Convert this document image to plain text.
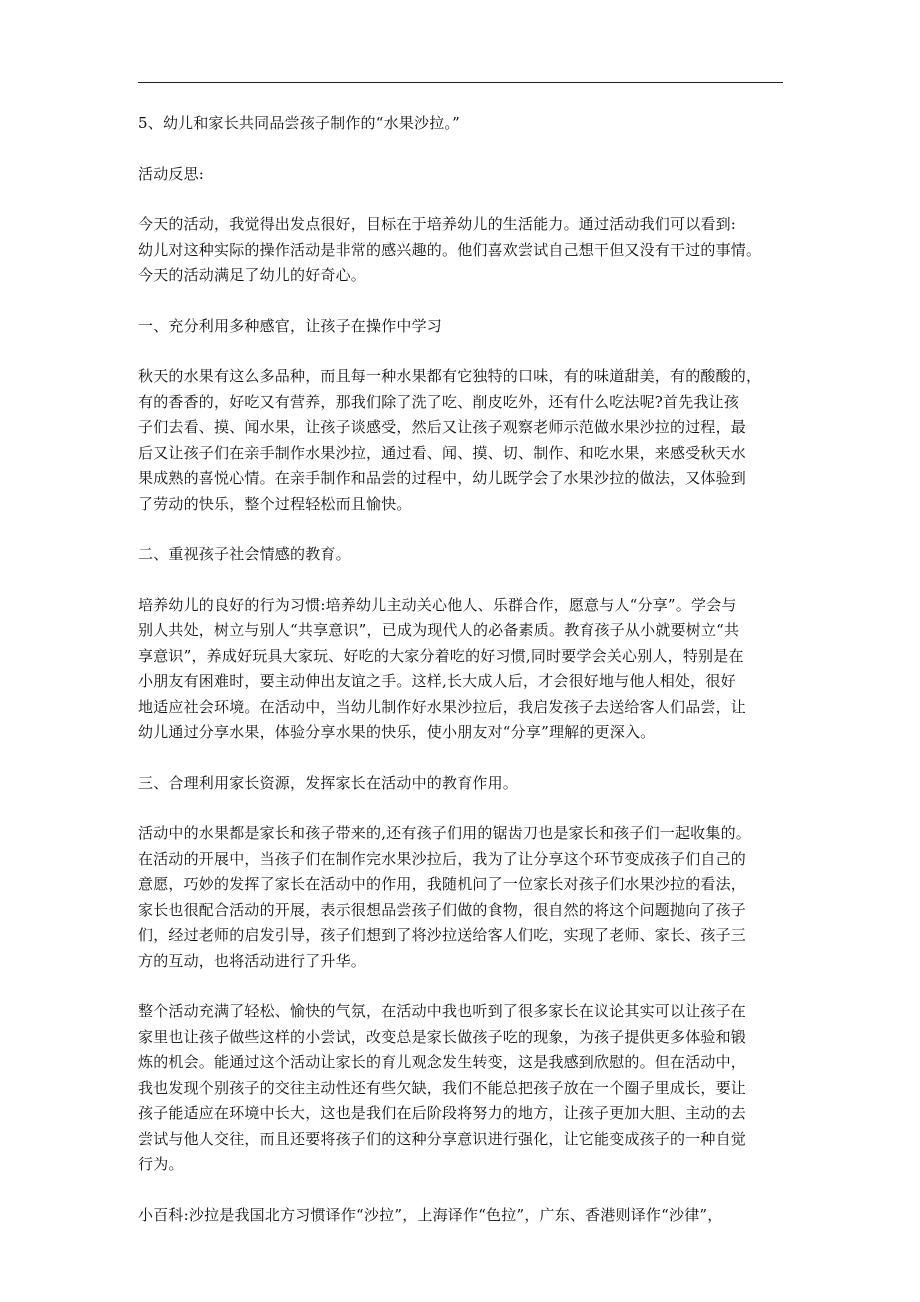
5、幼儿和家长共同品尝孩子制作的“水果沙拉。”

活动反思:

今天的活动，我觉得出发点很好，目标在于培养幼儿的生活能力。通过活动我们可以看到:
幼儿对这种实际的操作活动是非常的感兴趣的。他们喜欢尝试自己想干但又没有干过的事情。
今天的活动满足了幼儿的好奇心。

一、充分利用多种感官，让孩子在操作中学习

秋天的水果有这么多品种，而且每一种水果都有它独特的口味，有的味道甜美，有的酸酸的，
有的香香的，好吃又有营养，那我们除了洗了吃、削皮吃外，还有什么吃法呢?首先我让孩
子们去看、摸、闻水果，让孩子谈感受，然后又让孩子观察老师示范做水果沙拉的过程，最
后又让孩子们在亲手制作水果沙拉，通过看、闻、摸、切、制作、和吃水果，来感受秋天水
果成熟的喜悦心情。在亲手制作和品尝的过程中，幼儿既学会了水果沙拉的做法，又体验到
了劳动的快乐，整个过程轻松而且愉快。

二、重视孩子社会情感的教育。

培养幼儿的良好的行为习惯:培养幼儿主动关心他人、乐群合作，愿意与人“分享”。学会与
别人共处，树立与别人“共享意识”，已成为现代人的必备素质。教育孩子从小就要树立“共
享意识”，养成好玩具大家玩、好吃的大家分着吃的好习惯,同时要学会关心别人，特别是在
小朋友有困难时，要主动伸出友谊之手。这样,长大成人后，才会很好地与他人相处，很好
地适应社会环境。在活动中，当幼儿制作好水果沙拉后，我启发孩子去送给客人们品尝，让
幼儿通过分享水果，体验分享水果的快乐，使小朋友对“分享”理解的更深入。

三、合理利用家长资源，发挥家长在活动中的教育作用。

活动中的水果都是家长和孩子带来的,还有孩子们用的锯齿刀也是家长和孩子们一起收集的。
在活动的开展中，当孩子们在制作完水果沙拉后，我为了让分享这个环节变成孩子们自己的
意愿，巧妙的发挥了家长在活动中的作用，我随机问了一位家长对孩子们水果沙拉的看法，
家长也很配合活动的开展，表示很想品尝孩子们做的食物，很自然的将这个问题抛向了孩子
们，经过老师的启发引导，孩子们想到了将沙拉送给客人们吃，实现了老师、家长、孩子三
方的互动，也将活动进行了升华。

整个活动充满了轻松、愉快的气氛，在活动中我也听到了很多家长在议论其实可以让孩子在
家里也让孩子做些这样的小尝试，改变总是家长做孩子吃的现象，为孩子提供更多体验和锻
炼的机会。能通过这个活动让家长的育儿观念发生转变，这是我感到欣慰的。但在活动中，
我也发现个别孩子的交往主动性还有些欠缺，我们不能总把孩子放在一个圈子里成长，要让
孩子能适应在环境中长大，这也是我们在后阶段将努力的地方，让孩子更加大胆、主动的去
尝试与他人交往，而且还要将孩子们的这种分享意识进行强化，让它能变成孩子的一种自觉
行为。

小百科:沙拉是我国北方习惯译作“沙拉”，上海译作“色拉”，广东、香港则译作“沙律”，
